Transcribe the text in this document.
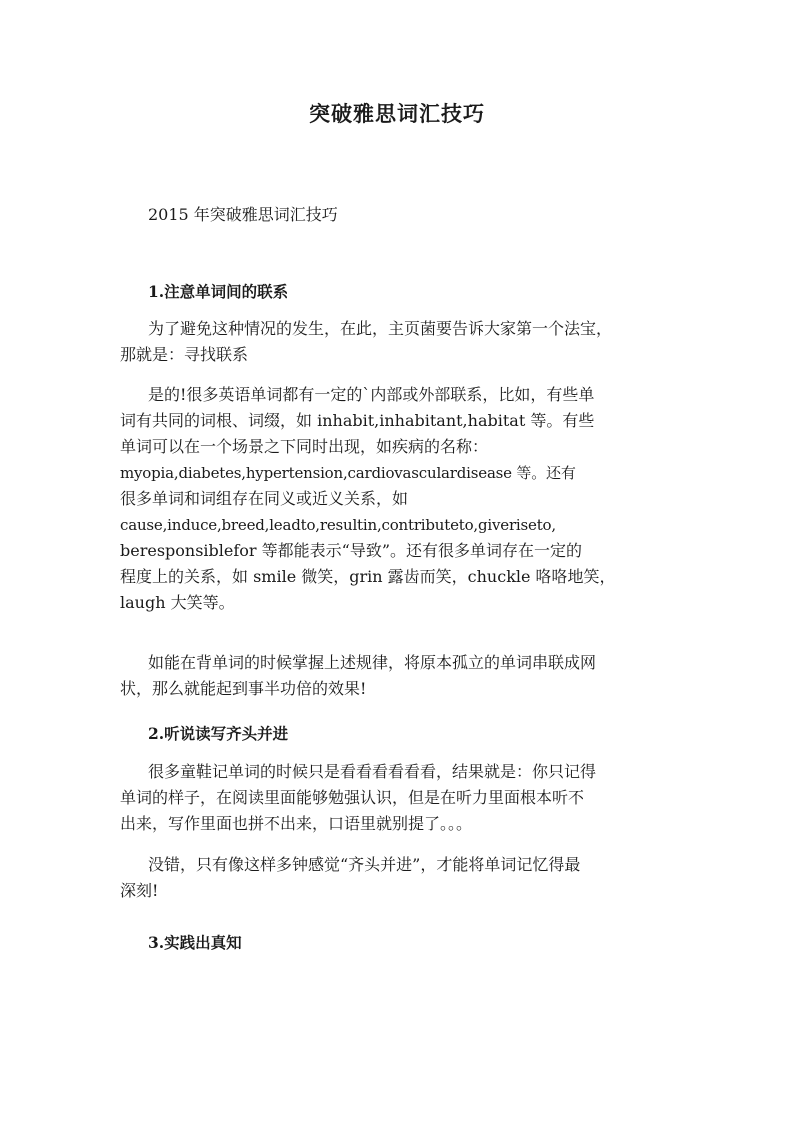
突破雅思词汇技巧
2015 年突破雅思词汇技巧
1.注意单词间的联系
为了避免这种情况的发生，在此，主页菌要告诉大家第一个法宝，
那就是：寻找联系
是的!很多英语单词都有一定的`内部或外部联系，比如，有些单
词有共同的词根、词缀，如 inhabit,inhabitant,habitat 等。有些
单词可以在一个场景之下同时出现，如疾病的名称：
myopia,diabetes,hypertension,cardiovasculardisease 等。还有
很多单词和词组存在同义或近义关系，如
cause,induce,breed,leadto,resultin,contributeto,giveriseto,
beresponsiblefor 等都能表示“导致”。还有很多单词存在一定的
程度上的关系，如 smile 微笑，grin 露齿而笑，chuckle 咯咯地笑，
laugh 大笑等。
如能在背单词的时候掌握上述规律，将原本孤立的单词串联成网
状，那么就能起到事半功倍的效果!
2.听说读写齐头并进
很多童鞋记单词的时候只是看看看看看看，结果就是：你只记得
单词的样子，在阅读里面能够勉强认识，但是在听力里面根本听不
出来，写作里面也拼不出来，口语里就别提了。。。
没错，只有像这样多钟感觉“齐头并进”，才能将单词记忆得最
深刻!
3.实践出真知
